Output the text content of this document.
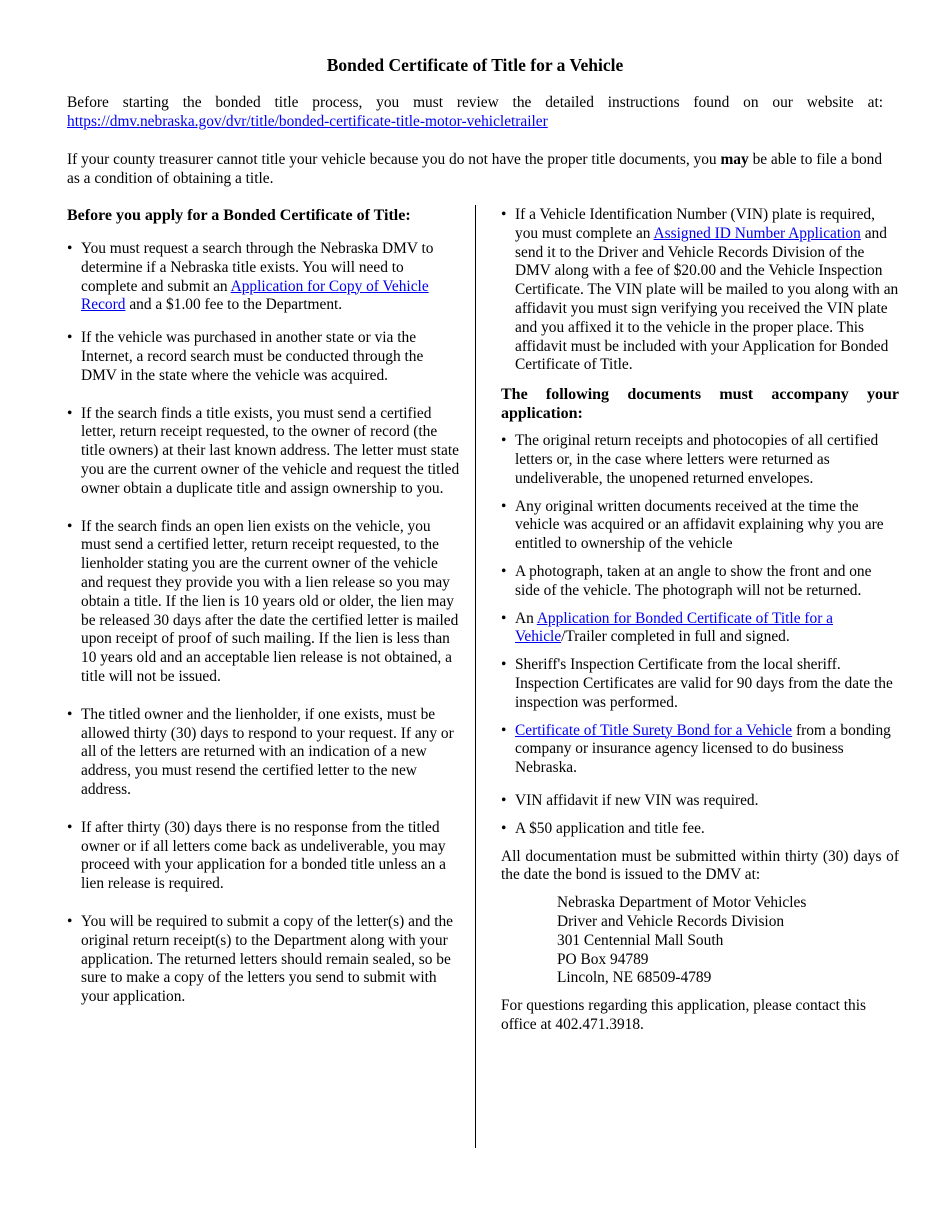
Bonded Certificate of Title for a Vehicle
Before starting the bonded title process, you must review the detailed instructions found on our website at: https://dmv.nebraska.gov/dvr/title/bonded-certificate-title-motor-vehicletrailer
If your county treasurer cannot title your vehicle because you do not have the proper title documents, you may be able to file a bond as a condition of obtaining a title.

Before you apply for a Bonded Certificate of Title:

• You must request a search through the Nebraska DMV to determine if a Nebraska title exists. You will need to complete and submit an Application for Copy of Vehicle Record and a $1.00 fee to the Department.
• If the vehicle was purchased in another state or via the Internet, a record search must be conducted through the DMV in the state where the vehicle was acquired.
• If the search finds a title exists, you must send a certified letter, return receipt requested, to the owner of record (the title owners) at their last known address. The letter must state you are the current owner of the vehicle and request the titled owner obtain a duplicate title and assign ownership to you.
• If the search finds an open lien exists on the vehicle, you must send a certified letter, return receipt requested, to the lienholder stating you are the current owner of the vehicle and request they provide you with a lien release so you may obtain a title. If the lien is 10 years old or older, the lien may be released 30 days after the date the certified letter is mailed upon receipt of proof of such mailing. If the lien is less than 10 years old and an acceptable lien release is not obtained, a title will not be issued.
• The titled owner and the lienholder, if one exists, must be allowed thirty (30) days to respond to your request. If any or all of the letters are returned with an indication of a new address, you must resend the certified letter to the new address.
• If after thirty (30) days there is no response from the titled owner or if all letters come back as undeliverable, you may proceed with your application for a bonded title unless an a lien release is required.
• You will be required to submit a copy of the letter(s) and the original return receipt(s) to the Department along with your application. The returned letters should remain sealed, so be sure to make a copy of the letters you send to submit with your application.
• If a Vehicle Identification Number (VIN) plate is required, you must complete an Assigned ID Number Application and send it to the Driver and Vehicle Records Division of the DMV along with a fee of $20.00 and the Vehicle Inspection Certificate. The VIN plate will be mailed to you along with an affidavit you must sign verifying you received the VIN plate and you affixed it to the vehicle in the proper place. This affidavit must be included with your Application for Bonded Certificate of Title.

The following documents must accompany your application:

• The original return receipts and photocopies of all certified letters or, in the case where letters were returned as undeliverable, the unopened returned envelopes.
• Any original written documents received at the time the vehicle was acquired or an affidavit explaining why you are entitled to ownership of the vehicle
• A photograph, taken at an angle to show the front and one side of the vehicle. The photograph will not be returned.
• An Application for Bonded Certificate of Title for a Vehicle/Trailer completed in full and signed.
• Sheriff's Inspection Certificate from the local sheriff. Inspection Certificates are valid for 90 days from the date the inspection was performed.
• Certificate of Title Surety Bond for a Vehicle from a bonding company or insurance agency licensed to do business Nebraska.
• VIN affidavit if new VIN was required.
• A $50 application and title fee.

All documentation must be submitted within thirty (30) days of the date the bond is issued to the DMV at:

Nebraska Department of Motor Vehicles
Driver and Vehicle Records Division
301 Centennial Mall South
PO Box 94789
Lincoln, NE 68509-4789

For questions regarding this application, please contact this office at 402.471.3918.
